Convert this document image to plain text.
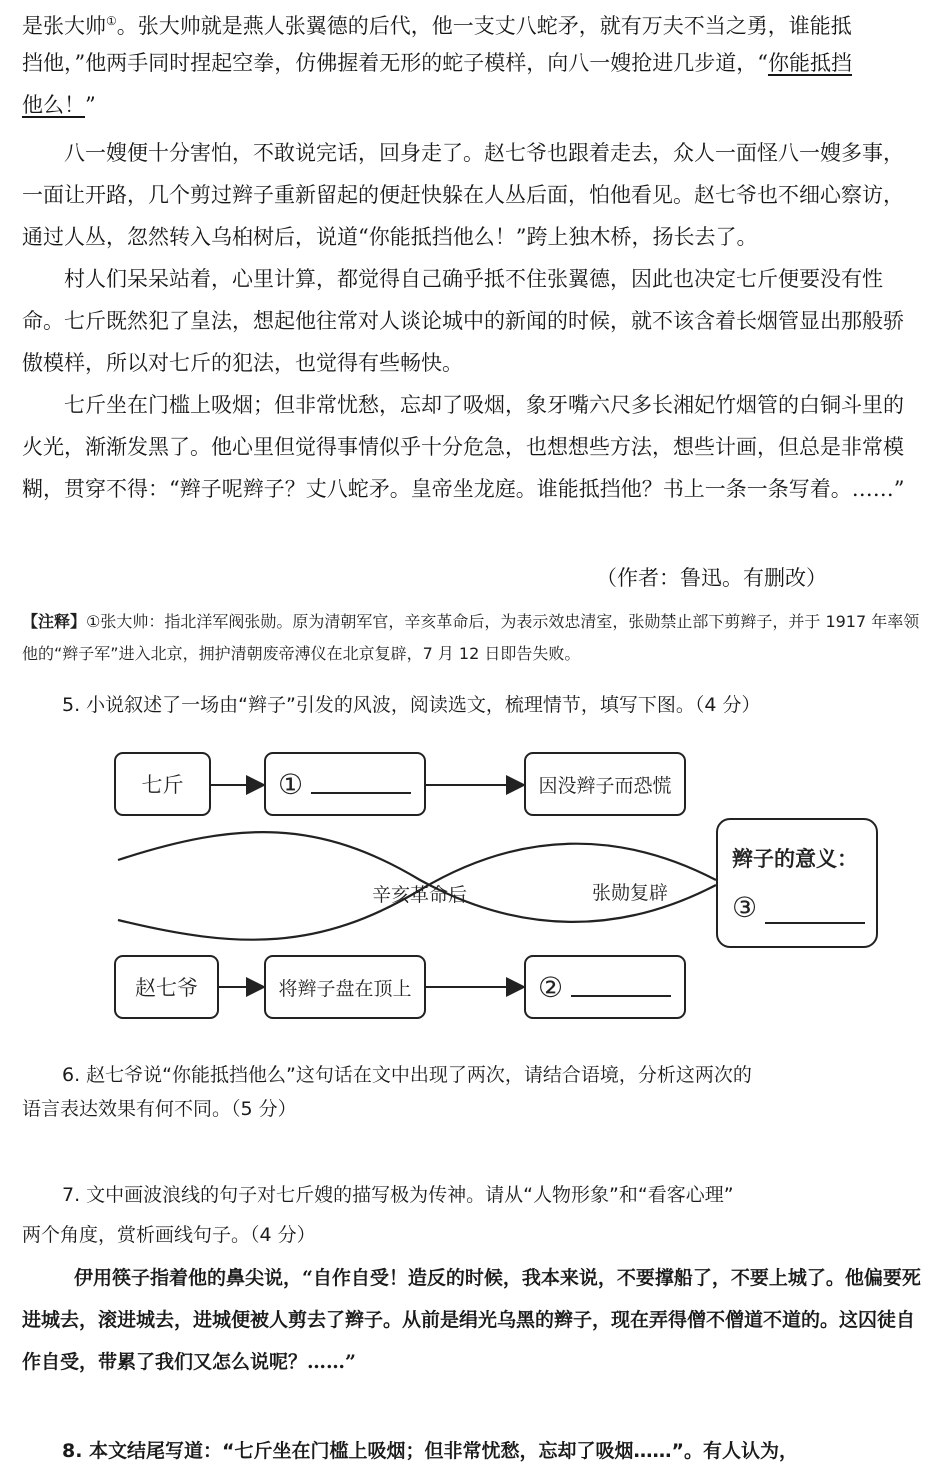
是张大帅①。张大帅就是燕人张翼德的后代，他一支丈八蛇矛，就有万夫不当之勇，谁能抵
挡他，”他两手同时捏起空拳，仿佛握着无形的蛇子模样，向八一嫂抢进几步道，“你能抵挡
他么！”

八一嫂便十分害怕，不敢说完话，回身走了。赵七爷也跟着走去，众人一面怪八一嫂多事，一面让开路，几个剪过辫子重新留起的便赶快躲在人丛后面，怕他看见。赵七爷也不细心察访，通过人丛，忽然转入乌桕树后，说道“你能抵挡他么！”跨上独木桥，扬长去了。

村人们呆呆站着，心里计算，都觉得自己确乎抵不住张翼德，因此也决定七斤便要没有性命。七斤既然犯了皇法，想起他往常对人谈论城中的新闻的时候，就不该含着长烟管显出那般骄傲模样，所以对七斤的犯法，也觉得有些畅快。

七斤坐在门槛上吸烟；但非常忧愁，忘却了吸烟，象牙嘴六尺多长湘妃竹烟管的白铜斗里的火光，渐渐发黑了。他心里但觉得事情似乎十分危急，也想想些方法，想些计画，但总是非常模糊，贯穿不得：“辫子呢辫子？丈八蛇矛。皇帝坐龙庭。谁能抵挡他？书上一条一条写着。……”

（作者：鲁迅。有删改）
【注释】①张大帅：指北洋军阀张勋。原为清朝军官，辛亥革命后，为表示效忠清室，张勋禁止部下剪辫子，并于 1917 年率领他的“辫子军”进入北京，拥护清朝废帝溥仪在北京复辟，7 月 12 日即告失败。
5. 小说叙述了一场由“辫子”引发的风波，阅读选文，梳理情节，填写下图。（4 分）
七斤	①	因没辫子而恐慌
辛亥革命后	张勋复辟
辫子的意义：
③
赵七爷	将辫子盘在顶上	②
6. 赵七爷说“你能抵挡他么”这句话在文中出现了两次，请结合语境，分析这两次的
语言表达效果有何不同。（5 分）
7. 文中画波浪线的句子对七斤嫂的描写极为传神。请从“人物形象”和“看客心理”
两个角度，赏析画线句子。（4 分）

伊用筷子指着他的鼻尖说，“自作自受！造反的时候，我本来说，不要撑船了，不要上城了。他偏要死进城去，滚进城去，进城便被人剪去了辫子。从前是绢光乌黑的辫子，现在弄得僧不僧道不道的。这囚徒自作自受，带累了我们又怎么说呢？……”

8. 本文结尾写道：“七斤坐在门槛上吸烟；但非常忧愁，忘却了吸烟……”。有人认为，
